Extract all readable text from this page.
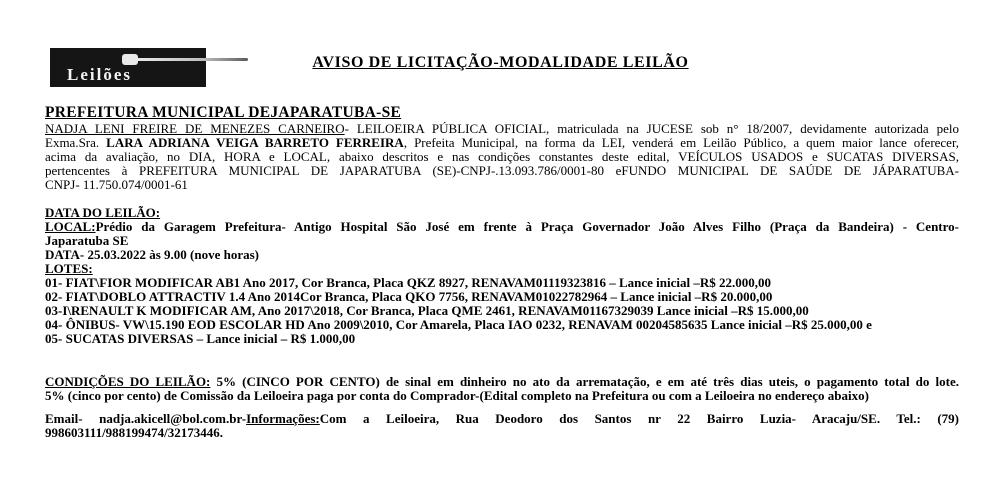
Leilões
AVISO DE LICITAÇÃO-MODALIDADE LEILÃO
PREFEITURA MUNICIPAL DEJAPARATUBA-SE
NADJA LENI FREIRE DE MENEZES CARNEIRO- LEILOEIRA PÚBLICA OFICIAL, matriculada na JUCESE sob n° 18/2007, devidamente autorizada pelo
Exma.Sra. LARA ADRIANA VEIGA BARRETO FERREIRA, Prefeita Municipal, na forma da LEI, venderá em Leilão Público, a quem maior lance oferecer,
acima da avaliação, no DIA, HORA e LOCAL, abaixo descritos e nas condições constantes deste edital, VEÍCULOS USADOS e SUCATAS DIVERSAS,
pertencentes à PREFEITURA MUNICIPAL DE JAPARATUBA (SE)-CNPJ-.13.093.786/0001-80 eFUNDO MUNICIPAL DE SAÚDE DE JÁPARATUBA-
CNPJ- 11.750.074/0001-61
DATA DO LEILÃO:
LOCAL:Prédio da Garagem Prefeitura- Antigo Hospital São José em frente à Praça Governador João Alves Filho (Praça da Bandeira) - Centro-
Japaratuba SE
DATA- 25.03.2022 às 9.00 (nove horas)
LOTES:
01- FIAT\FIOR MODIFICAR AB1 Ano 2017, Cor Branca, Placa QKZ 8927, RENAVAM01119323816 – Lance inicial –R$ 22.000,00
02- FIAT\DOBLO ATTRACTIV 1.4 Ano 2014Cor Branca, Placa QKO 7756, RENAVAM01022782964 – Lance inicial –R$ 20.000,00
03-I\RENAULT K MODIFICAR AM, Ano 2017\2018, Cor Branca, Placa QME 2461, RENAVAM01167329039 Lance inicial –R$ 15.000,00
04- ÔNIBUS- VW\15.190 EOD ESCOLAR HD Ano 2009\2010, Cor Amarela, Placa IAO 0232, RENAVAM 00204585635 Lance inicial –R$ 25.000,00 e
05- SUCATAS DIVERSAS – Lance inicial – R$ 1.000,00
CONDIÇÕES DO LEILÃO: 5% (CINCO POR CENTO) de sinal em dinheiro no ato da arrematação, e em até três dias uteis, o pagamento total do lote.
5% (cinco por cento) de Comissão da Leiloeira paga por conta do Comprador-(Edital completo na Prefeitura ou com a Leiloeira no endereço abaixo)
Email- nadja.akicell@bol.com.br-Informações:Com a Leiloeira, Rua Deodoro dos Santos nr 22 Bairro Luzia- Aracaju/SE. Tel.: (79)
998603111/988199474/32173446.
